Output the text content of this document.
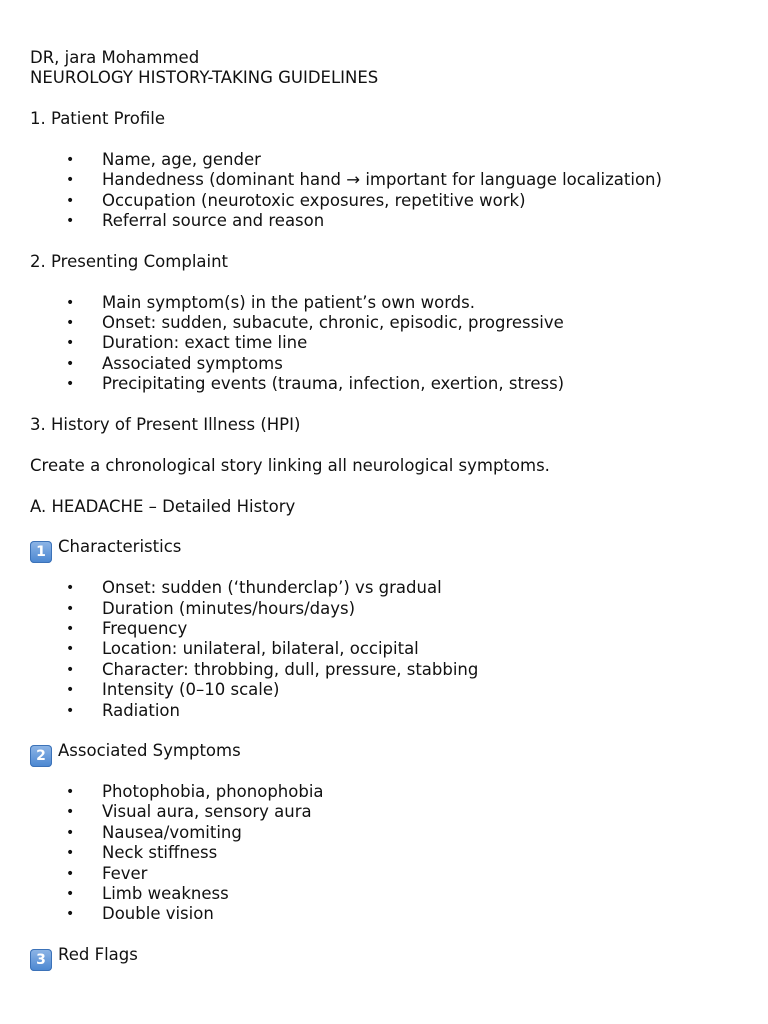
DR, jara Mohammed
NEUROLOGY HISTORY-TAKING GUIDELINES
1. Patient Profile
• Name, age, gender
• Handedness (dominant hand → important for language localization)
• Occupation (neurotoxic exposures, repetitive work)
• Referral source and reason
2. Presenting Complaint
• Main symptom(s) in the patient’s own words.
• Onset: sudden, subacute, chronic, episodic, progressive
• Duration: exact time line
• Associated symptoms
• Precipitating events (trauma, infection, exertion, stress)
3. History of Present Illness (HPI)
Create a chronological story linking all neurological symptoms.
A. HEADACHE – Detailed History
1 Characteristics
• Onset: sudden (‘thunderclap’) vs gradual
• Duration (minutes/hours/days)
• Frequency
• Location: unilateral, bilateral, occipital
• Character: throbbing, dull, pressure, stabbing
• Intensity (0–10 scale)
• Radiation
2 Associated Symptoms
• Photophobia, phonophobia
• Visual aura, sensory aura
• Nausea/vomiting
• Neck stiffness
• Fever
• Limb weakness
• Double vision
3 Red Flags
